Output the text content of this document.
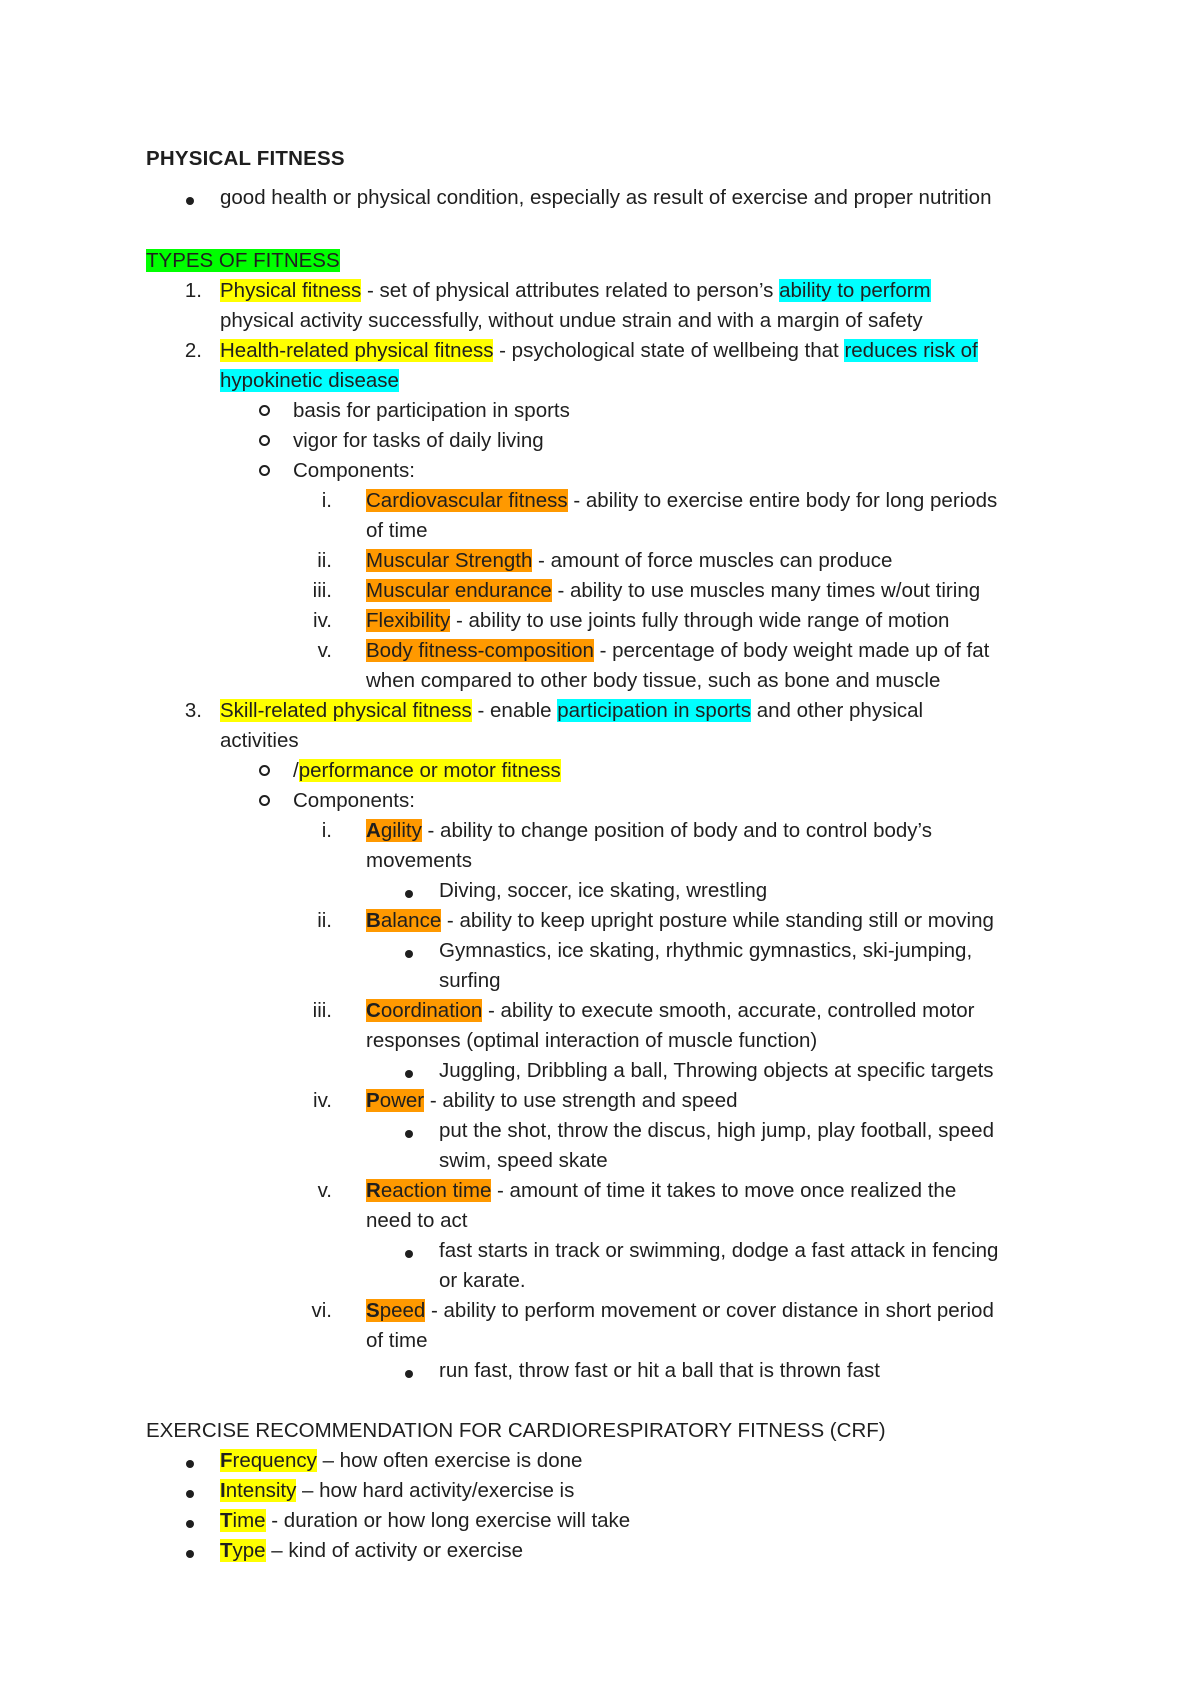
PHYSICAL FITNESS
good health or physical condition, especially as result of exercise and proper nutrition
TYPES OF FITNESS
1. Physical fitness - set of physical attributes related to person’s ability to perform
physical activity successfully, without undue strain and with a margin of safety
2. Health-related physical fitness - psychological state of wellbeing that reduces risk of
hypokinetic disease
basis for participation in sports
vigor for tasks of daily living
Components:
i. Cardiovascular fitness - ability to exercise entire body for long periods
of time
ii. Muscular Strength - amount of force muscles can produce
iii. Muscular endurance - ability to use muscles many times w/out tiring
iv. Flexibility - ability to use joints fully through wide range of motion
v. Body fitness-composition - percentage of body weight made up of fat
when compared to other body tissue, such as bone and muscle
3. Skill-related physical fitness - enable participation in sports and other physical
activities
/performance or motor fitness
Components:
i. Agility - ability to change position of body and to control body’s
movements
Diving, soccer, ice skating, wrestling
ii. Balance - ability to keep upright posture while standing still or moving
Gymnastics, ice skating, rhythmic gymnastics, ski-jumping,
surfing
iii. Coordination - ability to execute smooth, accurate, controlled motor
responses (optimal interaction of muscle function)
Juggling, Dribbling a ball, Throwing objects at specific targets
iv. Power - ability to use strength and speed
put the shot, throw the discus, high jump, play football, speed
swim, speed skate
v. Reaction time - amount of time it takes to move once realized the
need to act
fast starts in track or swimming, dodge a fast attack in fencing
or karate.
vi. Speed - ability to perform movement or cover distance in short period
of time
run fast, throw fast or hit a ball that is thrown fast
EXERCISE RECOMMENDATION FOR CARDIORESPIRATORY FITNESS (CRF)
Frequency – how often exercise is done
Intensity – how hard activity/exercise is
Time - duration or how long exercise will take
Type – kind of activity or exercise
